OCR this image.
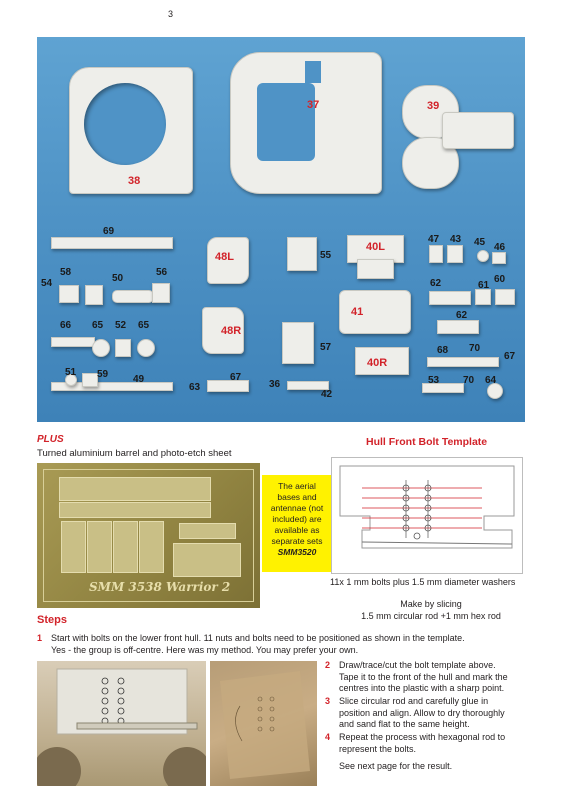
3
38
37	39
69
48L	55
40L
47 43 45 46
54
58
50
56
62	61
60
66 65 52 65	48R
57
41	62
68 70
67
51 59 49
63
67
36
42
40R
53 70 64
PLUS
Turned aluminium barrel and photo-etch sheet
SMM 3538 Warrior 2
The aerial
bases and
antennae (not
included) are
available as
separate sets
SMM3520
Hull Front Bolt Template
11x 1 mm bolts plus 1.5 mm diameter washers
Make by slicing
1.5 mm circular rod +1 mm hex rod
Steps
1 Start with bolts on the lower front hull. 11 nuts and bolts need to be positioned as shown in the template.
Yes - the group is off-centre. Here was my method. You may prefer your own.
2 Draw/trace/cut the bolt template above.
Tape it to the front of the hull and mark the
centres into the plastic with a sharp point.
3 Slice circular rod and carefully glue in
position and align. Allow to dry thoroughly
and sand flat to the same height.
4 Repeat the process with hexagonal rod to
represent the bolts.
See next page for the result.
